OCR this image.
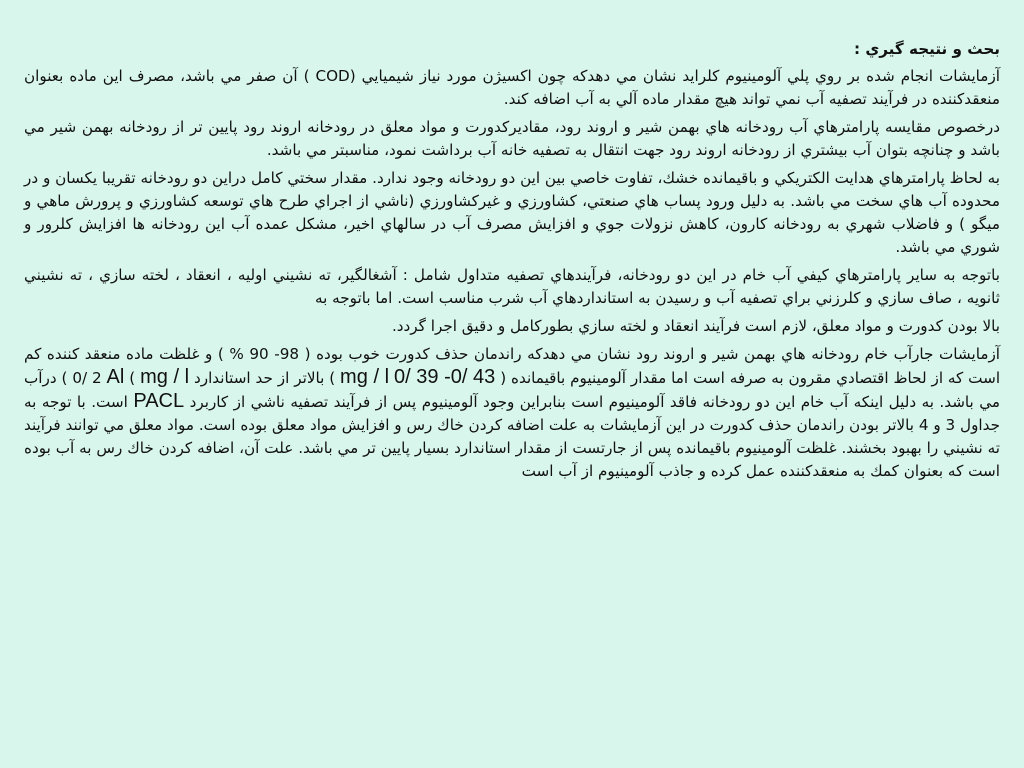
بحث و نتيجه گيري :
آزمايشات انجام شده بر روي پلي آلومينيوم كلرايد نشان مي دهدكه چون اكسيژن مورد نياز شيميايي (COD ) آن صفر مي باشد، مصرف اين ماده بعنوان منعقدكننده در فرآيند تصفيه آب نمي تواند هيچ مقدار ماده آلي به آب اضافه كند.
درخصوص مقايسه پارامترهاي آب رودخانه هاي بهمن شير و اروند رود، مقاديركدورت و مواد معلق در رودخانه اروند رود پايين تر از رودخانه بهمن شير مي باشد و چنانچه بتوان آب بيشتري از رودخانه اروند رود جهت انتقال به تصفيه خانه آب برداشت نمود، مناسبتر مي باشد.
به لحاظ پارامترهاي هدايت الكتريكي و باقيمانده خشك، تفاوت خاصي بين اين دو رودخانه وجود ندارد. مقدار سختي كامل دراين دو رودخانه تقريبا يكسان و در محدوده آب هاي سخت مي باشد. به دليل ورود پساب هاي صنعتي، كشاورزي و غيركشاورزي (ناشي از اجراي طرح هاي توسعه كشاورزي و پرورش ماهي و ميگو ) و فاضلاب شهري به رودخانه كارون، كاهش نزولات جوي و افزايش مصرف آب در سالهاي اخير، مشكل عمده آب اين رودخانه ها افزايش كلرور و شوري مي باشد.
باتوجه به ساير پارامترهاي كيفي آب خام در اين دو رودخانه، فرآيندهاي تصفيه متداول شامل : آشغالگير، ته نشيني اوليه ، انعقاد ، لخته سازي ، ته نشيني ثانويه ، صاف سازي و كلرزني براي تصفيه آب و رسيدن به استانداردهاي آب شرب مناسب است. اما باتوجه به
بالا بودن كدورت و مواد معلق، لازم است فرآيند انعقاد و لخته سازي بطوركامل و دقيق اجرا گردد.
آزمايشات جارآب خام رودخانه هاي بهمن شير و اروند رود نشان مي دهدكه راندمان حذف كدورت خوب بوده ( 98- 90 % ) و غلظت ماده منعقد كننده كم است كه از لحاظ اقتصادي مقرون به صرفه است اما مقدار آلومينيوم باقيمانده ( mg / l 0/ 39 -0/ 43 ) بالاتر از حد استاندارد Al ( mg / l 0/ 2 ) درآب مي باشد. به دليل اينكه آب خام اين دو رودخانه فاقد آلومينيوم است بنابراين وجود آلومينيوم پس از فرآيند تصفيه ناشي از كاربرد PACL است. با توجه به جداول 3 و 4 بالاتر بودن راندمان حذف كدورت در اين آزمايشات به علت اضافه كردن خاك رس و افزايش مواد معلق بوده است. مواد معلق مي توانند فرآيند ته نشيني را بهبود بخشند. غلظت آلومينيوم باقيمانده پس از جارتست از مقدار استاندارد بسيار پايين تر مي باشد. علت آن، اضافه كردن خاك رس به آب بوده است كه بعنوان كمك به منعقدكننده عمل كرده و جاذب آلومينيوم از آب است
